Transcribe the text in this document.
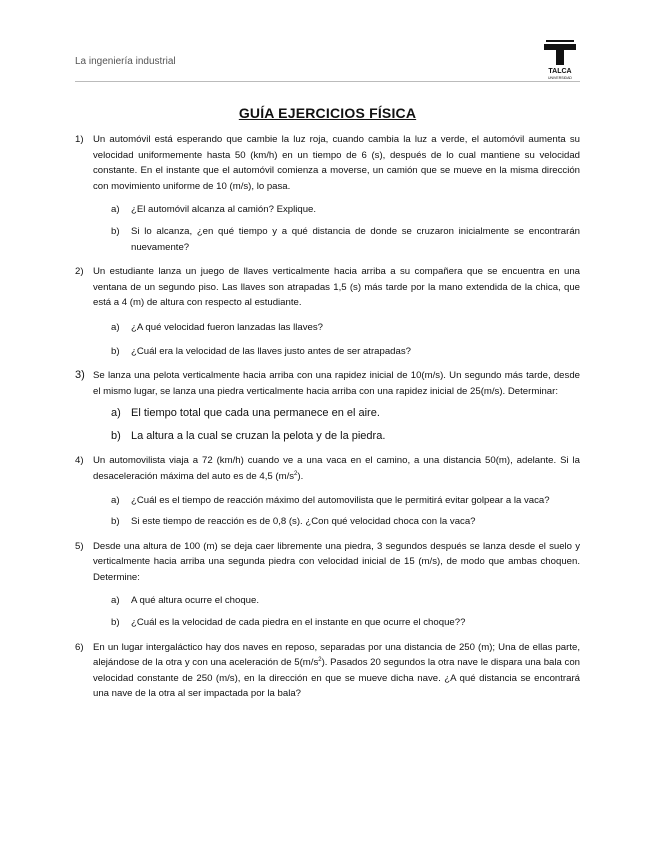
La ingeniería industrial
TALCA
UNIVERSIDAD
GUÍA EJERCICIOS FÍSICA
1) Un automóvil está esperando que cambie la luz roja, cuando cambia la luz a verde, el automóvil aumenta su velocidad uniformemente hasta 50 (km/h) en un tiempo de 6 (s), después de lo cual mantiene su velocidad constante. En el instante que el automóvil comienza a moverse, un camión que se mueve en la misma dirección con movimiento uniforme de 10 (m/s), lo pasa.
a) ¿El automóvil alcanza al camión? Explique.
b) Si lo alcanza, ¿en qué tiempo y a qué distancia de donde se cruzaron inicialmente se encontrarán nuevamente?
2) Un estudiante lanza un juego de llaves verticalmente hacia arriba a su compañera que se encuentra en una ventana de un segundo piso. Las llaves son atrapadas 1,5 (s) más tarde por la mano extendida de la chica, que está a 4 (m) de altura con respecto al estudiante.
a) ¿A qué velocidad fueron lanzadas las llaves?
b) ¿Cuál era la velocidad de las llaves justo antes de ser atrapadas?
3) Se lanza una pelota verticalmente hacia arriba con una rapidez inicial de 10(m/s). Un segundo más tarde, desde el mismo lugar, se lanza una piedra verticalmente hacia arriba con una rapidez inicial de 25(m/s). Determinar:
a) El tiempo total que cada una permanece en el aire.
b) La altura a la cual se cruzan la pelota y de la piedra.
4) Un automovilista viaja a 72 (km/h) cuando ve a una vaca en el camino, a una distancia 50(m), adelante. Si la desaceleración máxima del auto es de 4,5 $(m/s^2)$.
a) ¿Cuál es el tiempo de reacción máximo del automovilista que le permitirá evitar golpear a la vaca?
b) Si este tiempo de reacción es de 0,8 (s). ¿Con qué velocidad choca con la vaca?
5) Desde una altura de 100 (m) se deja caer libremente una piedra, 3 segundos después se lanza desde el suelo y verticalmente hacia arriba una segunda piedra con velocidad inicial de 15 (m/s), de modo que ambas choquen. Determine:
a) A qué altura ocurre el choque.
b) ¿Cuál es la velocidad de cada piedra en el instante en que ocurre el choque??
6) En un lugar intergaláctico hay dos naves en reposo, separadas por una distancia de 250 (m); Una de ellas parte, alejándose de la otra y con una aceleración de $5(m/s^2)$. Pasados 20 segundos la otra nave le dispara una bala con velocidad constante de 250 (m/s), en la dirección en que se mueve dicha nave. ¿A qué distancia se encontrará una nave de la otra al ser impactada por la bala?
